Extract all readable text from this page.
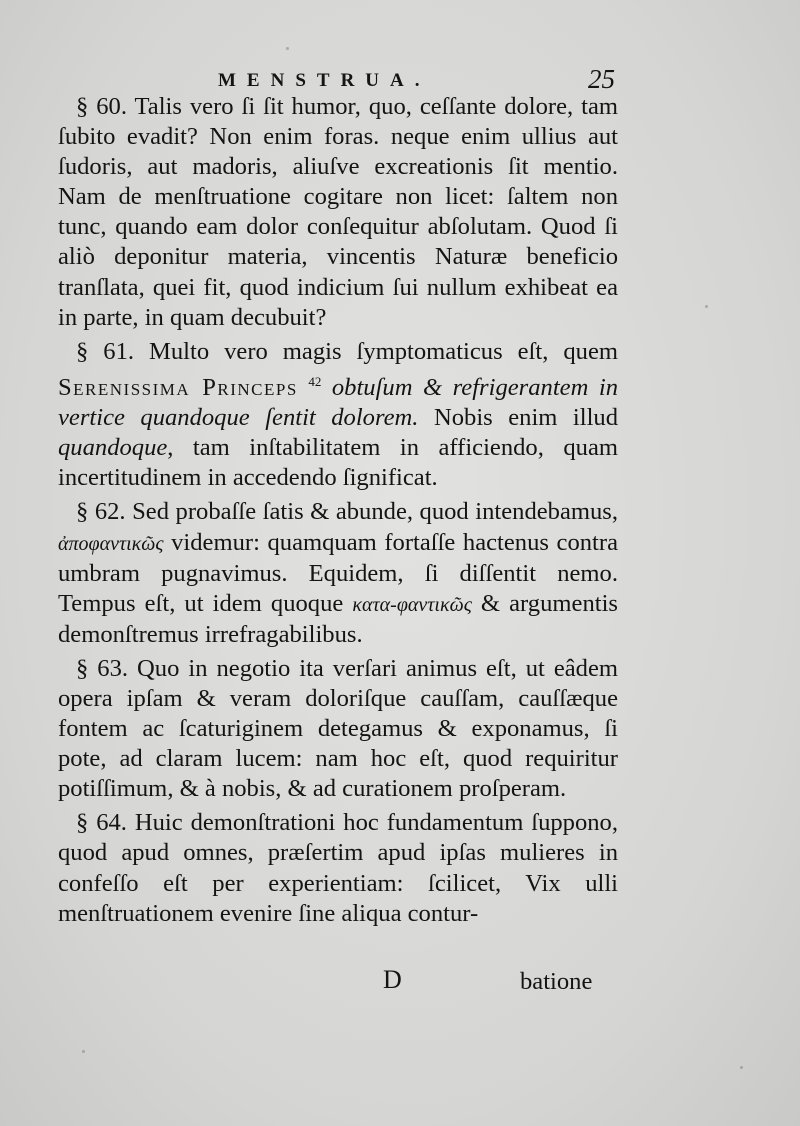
MENSTRUA.	25

§ 60. Talis vero ſi ſit humor, quo, ceſſante dolore, tam ſubito evadit? Non enim foras. neque enim ullius aut ſudoris, aut madoris, aliuſve excreationis ſit mentio. Nam de menſtruatione cogitare non licet: ſaltem non tunc, quando eam dolor conſequitur abſolutam. Quod ſi aliò deponitur materia, vincentis Naturæ beneficio tranſlata, quei fit, quod indicium ſui nullum exhibeat ea in parte, in quam decubuit?

§ 61. Multo vero magis ſymptomaticus eſt, quem Serenissima Princeps $^{42}$ obtuſum & refrigerantem in vertice quandoque ſentit dolorem. Nobis enim illud quandoque, tam inſtabilitatem in afficiendo, quam incertitudinem in accedendo ſignificat.

§ 62. Sed probaſſe ſatis & abunde, quod intendebamus, ἀποφαντικῶς videmur: quamquam fortaſſe hactenus contra umbram pugnavimus. Equidem, ſi diſſentit nemo. Tempus eſt, ut idem quoque κατα-φαντικῶς & argumentis demonſtremus irrefragabilibus.

§ 63. Quo in negotio ita verſari animus eſt, ut eâdem opera ipſam & veram doloriſque cauſſam, cauſſæque fontem ac ſcaturiginem detegamus & exponamus, ſi pote, ad claram lucem: nam hoc eſt, quod requiritur potiſſimum, & à nobis, & ad curationem proſperam.

§ 64. Huic demonſtrationi hoc fundamentum ſuppono, quod apud omnes, præſertim apud ipſas mulieres in confeſſo eſt per experientiam: ſcilicet, Vix ulli menſtruationem evenire ſine aliqua contur-

D	batione
